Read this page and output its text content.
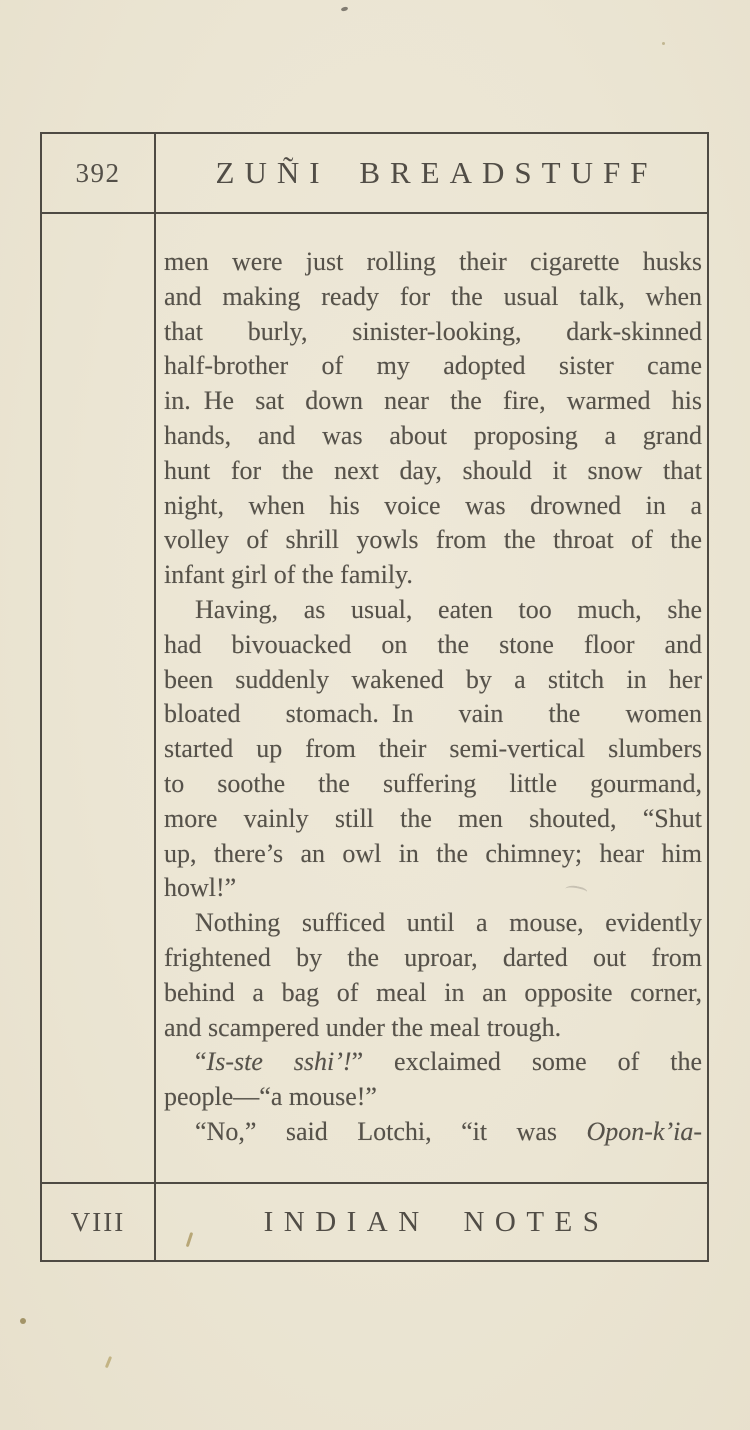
392	ZUÑI BREADSTUFF
men were just rolling their cigarette husks
and making ready for the usual talk, when
that burly, sinister-looking, dark-skinned
half-brother of my adopted sister came
in. He sat down near the fire, warmed his
hands, and was about proposing a grand
hunt for the next day, should it snow that
night, when his voice was drowned in a
volley of shrill yowls from the throat of the
infant girl of the family.
Having, as usual, eaten too much, she
had bivouacked on the stone floor and
been suddenly wakened by a stitch in her
bloated stomach. In vain the women
started up from their semi-vertical slumbers
to soothe the suffering little gourmand,
more vainly still the men shouted, “Shut
up, there’s an owl in the chimney; hear him
howl!”
Nothing sufficed until a mouse, evidently
frightened by the uproar, darted out from
behind a bag of meal in an opposite corner,
and scampered under the meal trough.
“Is-ste sshi’!” exclaimed some of the
people—“a mouse!”
“No,” said Lotchi, “it was Opon-k’ia-
VIII	INDIAN NOTES
